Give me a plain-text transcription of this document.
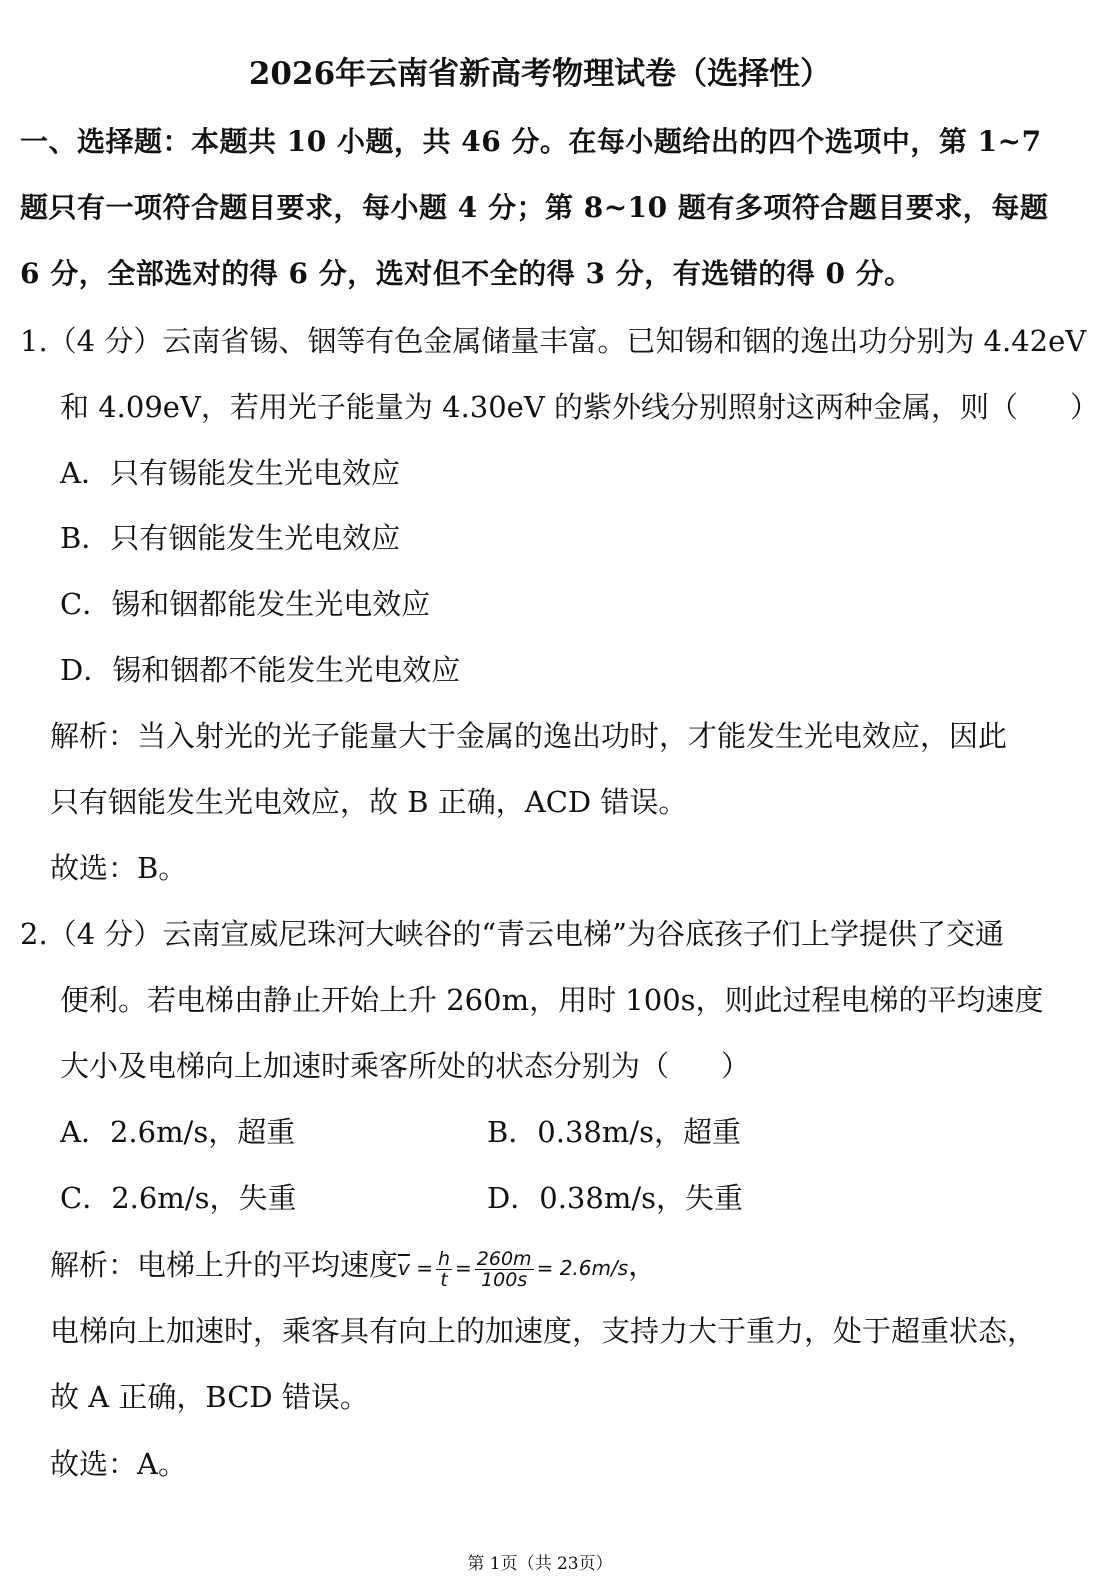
2026年云南省新高考物理试卷（选择性）
一、选择题：本题共 10 小题，共 46 分。在每小题给出的四个选项中，第 1~7
题只有一项符合题目要求，每小题 4 分；第 8~10 题有多项符合题目要求，每题
6 分，全部选对的得 6 分，选对但不全的得 3 分，有选错的得 0 分。
1.（4 分）云南省锡、铟等有色金属储量丰富。已知锡和铟的逸出功分别为 4.42eV
和 4.09eV，若用光子能量为 4.30eV 的紫外线分别照射这两种金属，则（ ）
A．只有锡能发生光电效应
B．只有铟能发生光电效应
C．锡和铟都能发生光电效应
D．锡和铟都不能发生光电效应
解析：当入射光的光子能量大于金属的逸出功时，才能发生光电效应，因此
只有铟能发生光电效应，故 B 正确，ACD 错误。
故选：B。
2.（4 分）云南宣威尼珠河大峡谷的“青云电梯”为谷底孩子们上学提供了交通
便利。若电梯由静止开始上升 260m，用时 100s，则此过程电梯的平均速度
大小及电梯向上加速时乘客所处的状态分别为（ ）
A．2.6m/s，超重	B．0.38m/s，超重
C．2.6m/s，失重	D．0.38m/s，失重
解析：电梯上升的平均速度$\overline{v} = \frac{h}{t} = \frac{260m}{100s} = 2.6m/s$，
电梯向上加速时，乘客具有向上的加速度，支持力大于重力，处于超重状态，
故 A 正确，BCD 错误。
故选：A。
第 1页（共 23页）
